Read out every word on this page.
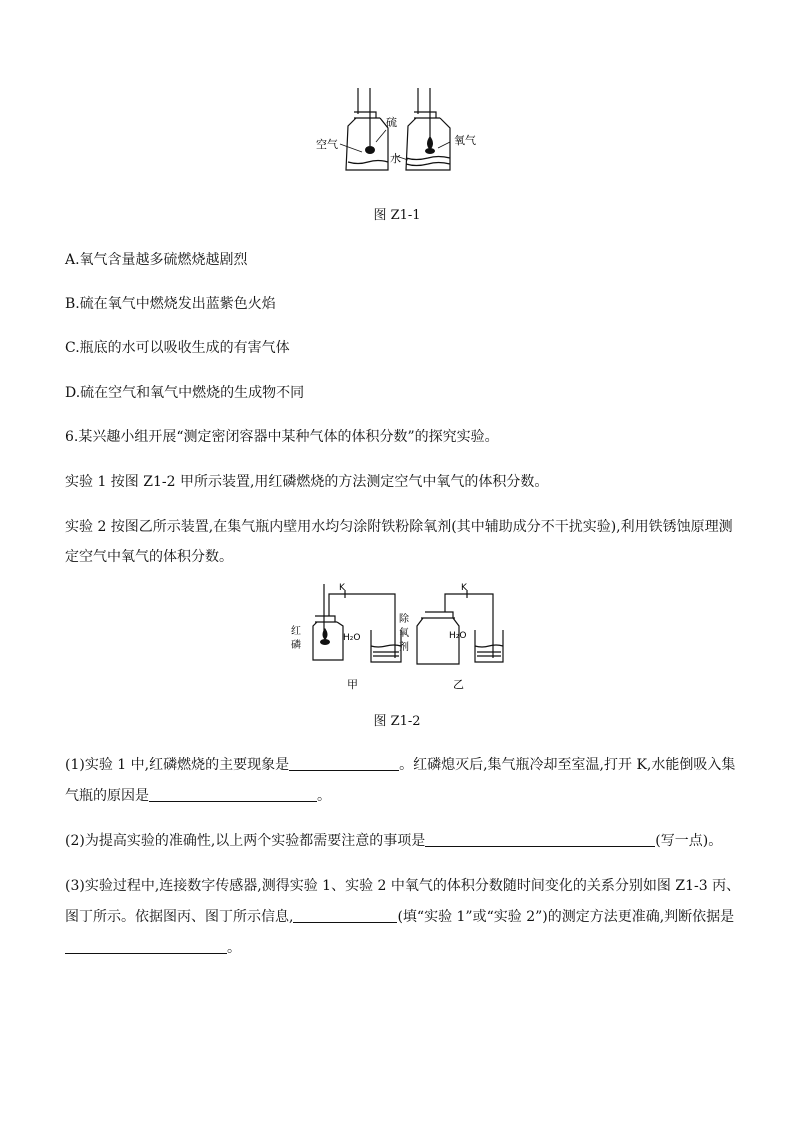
空气
硫
水
氧气
图 Z1-1
A.氧气含量越多硫燃烧越剧烈
B.硫在氧气中燃烧发出蓝紫色火焰
C.瓶底的水可以吸收生成的有害气体
D.硫在空气和氧气中燃烧的生成物不同
6.某兴趣小组开展“测定密闭容器中某种气体的体积分数”的探究实验。
实验 1 按图 Z1-2 甲所示装置,用红磷燃烧的方法测定空气中氧气的体积分数。
实验 2 按图乙所示装置,在集气瓶内壁用水均匀涂附铁粉除氧剂(其中辅助成分不干扰实验),利用铁锈蚀原理测
定空气中氧气的体积分数。
K	K
红
磷
H₂O
甲
除
氧
剂
H₂O
乙
图 Z1-2
(1)实验 1 中,红磷燃烧的主要现象是	。红磷熄灭后,集气瓶冷却至室温,打开 K,水能倒吸入集
气瓶的原因是	。
(2)为提高实验的准确性,以上两个实验都需要注意的事项是	(写一点)。
(3)实验过程中,连接数字传感器,测得实验 1、实验 2 中氧气的体积分数随时间变化的关系分别如图 Z1-3 丙、
图丁所示。依据图丙、图丁所示信息,	(填“实验 1”或“实验 2”)的测定方法更准确,判断依据是
。
